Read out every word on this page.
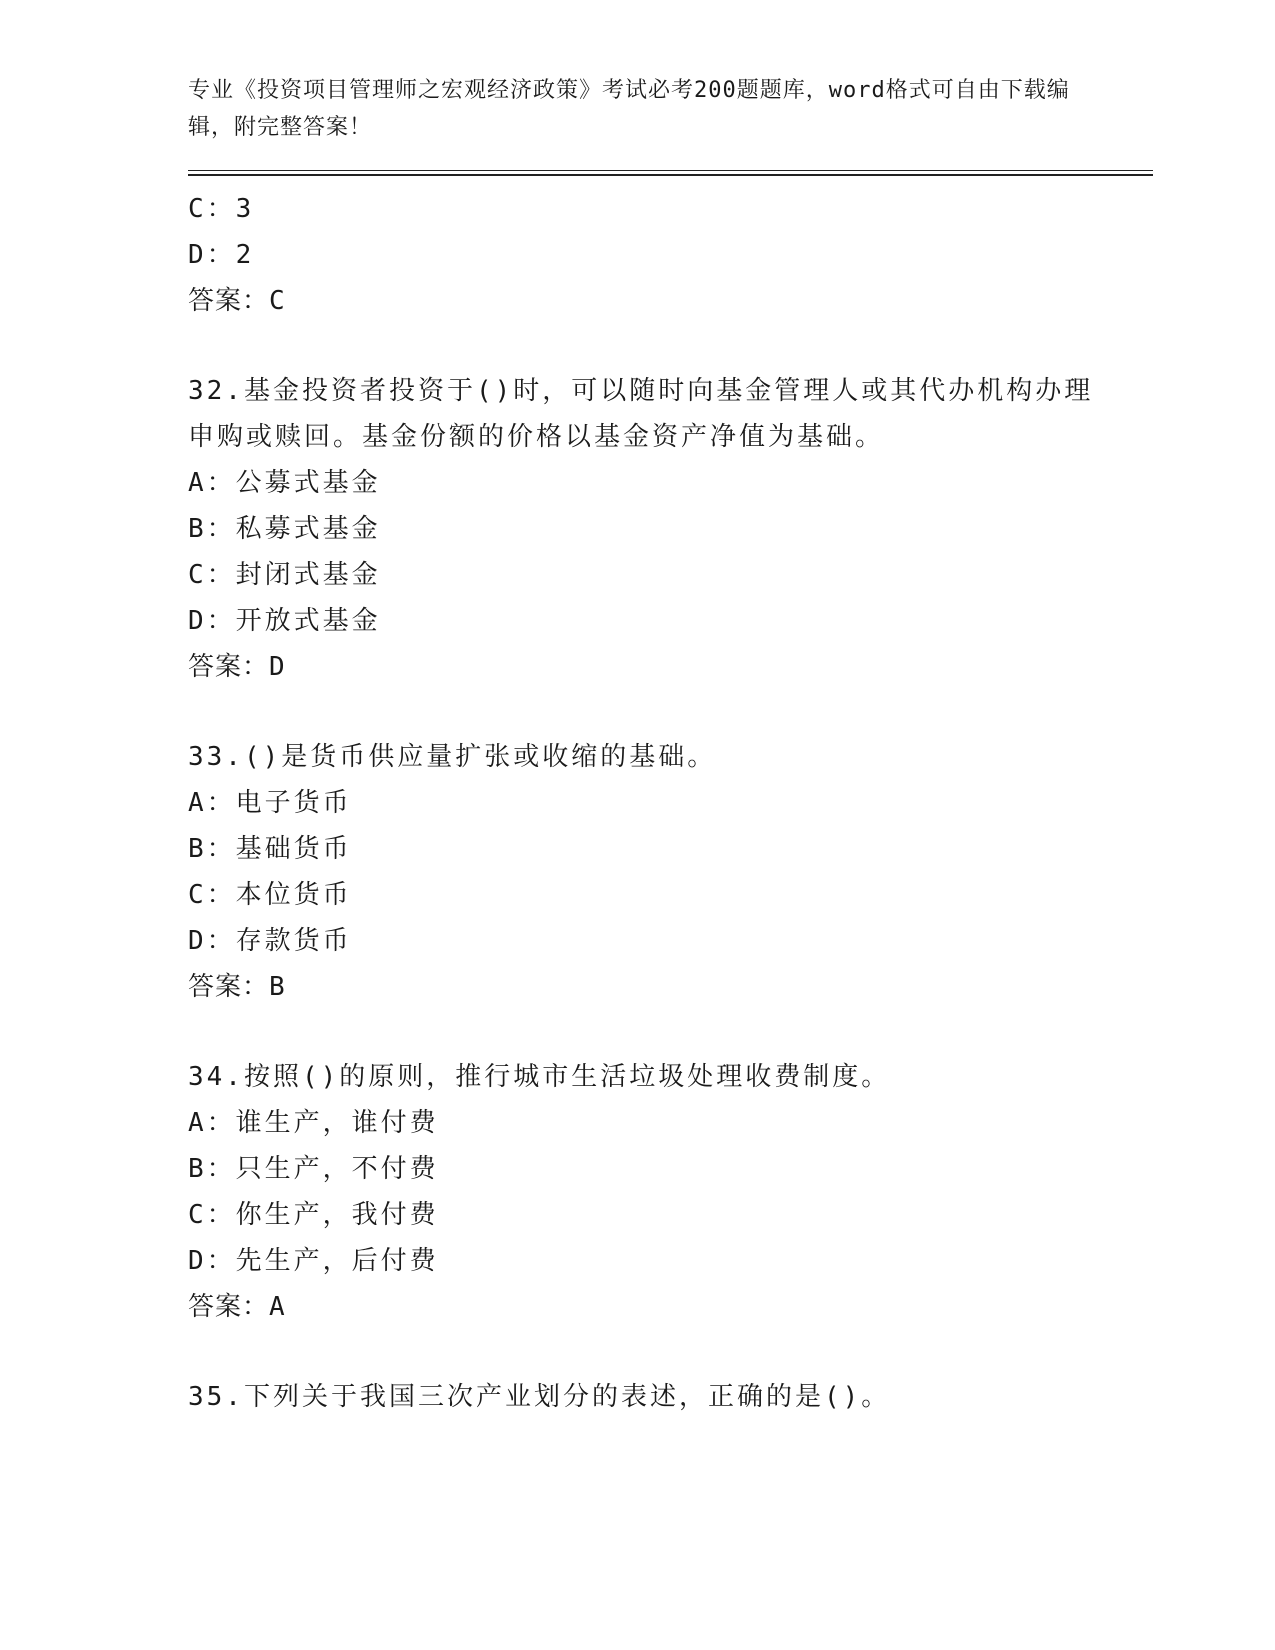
专业《投资项目管理师之宏观经济政策》考试必考200题题库，word格式可自由下载编辑，附完整答案！
C：3
D：2
答案：C
32.基金投资者投资于()时，可以随时向基金管理人或其代办机构办理申购或赎回。基金份额的价格以基金资产净值为基础。
A：公募式基金
B：私募式基金
C：封闭式基金
D：开放式基金
答案：D
33.()是货币供应量扩张或收缩的基础。
A：电子货币
B：基础货币
C：本位货币
D：存款货币
答案：B
34.按照()的原则，推行城市生活垃圾处理收费制度。
A：谁生产，谁付费
B：只生产，不付费
C：你生产，我付费
D：先生产，后付费
答案：A
35.下列关于我国三次产业划分的表述，正确的是()。
